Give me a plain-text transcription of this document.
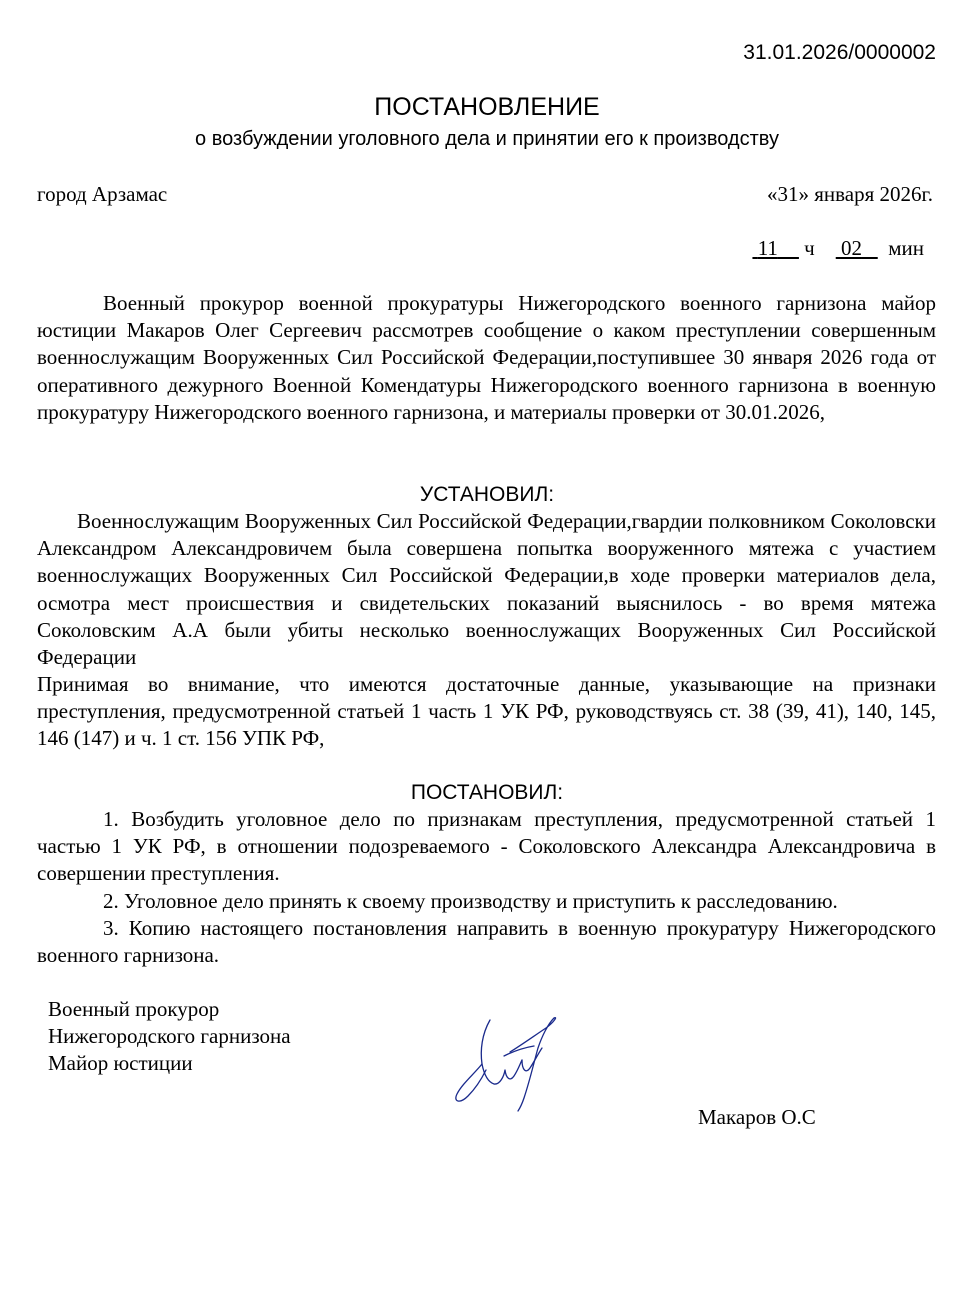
31.01.2026/0000002
ПОСТАНОВЛЕНИЕ
о возбуждении уголовного дела и принятии его к производству
город Арзамас	«31» января 2026г.
11 ч 02 мин

Военный прокурор военной прокуратуры Нижегородского военного гарнизона майор юстиции Макаров Олег Сергеевич рассмотрев сообщение о каком преступлении совершенным военнослужащим Вооруженных Сил Российской Федерации,поступившее 30 января 2026 года от оперативного дежурного Военной Комендатуры Нижегородского военного гарнизона в военную прокуратуру Нижегородского военного гарнизона, и материалы проверки от 30.01.2026,

УСТАНОВИЛ:

Военнослужащим Вооруженных Сил Российской Федерации,гвардии полковником Соколовски Александром Александровичем была совершена попытка вооруженного мятежа с участием военнослужащих Вооруженных Сил Российской Федерации,в ходе проверки материалов дела, осмотра мест происшествия и свидетельских показаний выяснилось - во время мятежа Соколовским А.А были убиты несколько военнослужащих Вооруженных Сил Российской Федерации

Принимая во внимание, что имеются достаточные данные, указывающие на признаки преступления, предусмотренной статьей 1 часть 1 УК РФ, руководствуясь ст. 38 (39, 41), 140, 145, 146 (147) и ч. 1 ст. 156 УПК РФ,

ПОСТАНОВИЛ:

1. Возбудить уголовное дело по признакам преступления, предусмотренной статьей 1 частью 1 УК РФ, в отношении подозреваемого - Соколовского Александра Александровича в совершении преступления.

2. Уголовное дело принять к своему производству и приступить к расследованию.

3. Копию настоящего постановления направить в военную прокуратуру Нижегородского военного гарнизона.

Военный прокурор
Нижегородского гарнизона
Майор юстиции
Макаров О.С
